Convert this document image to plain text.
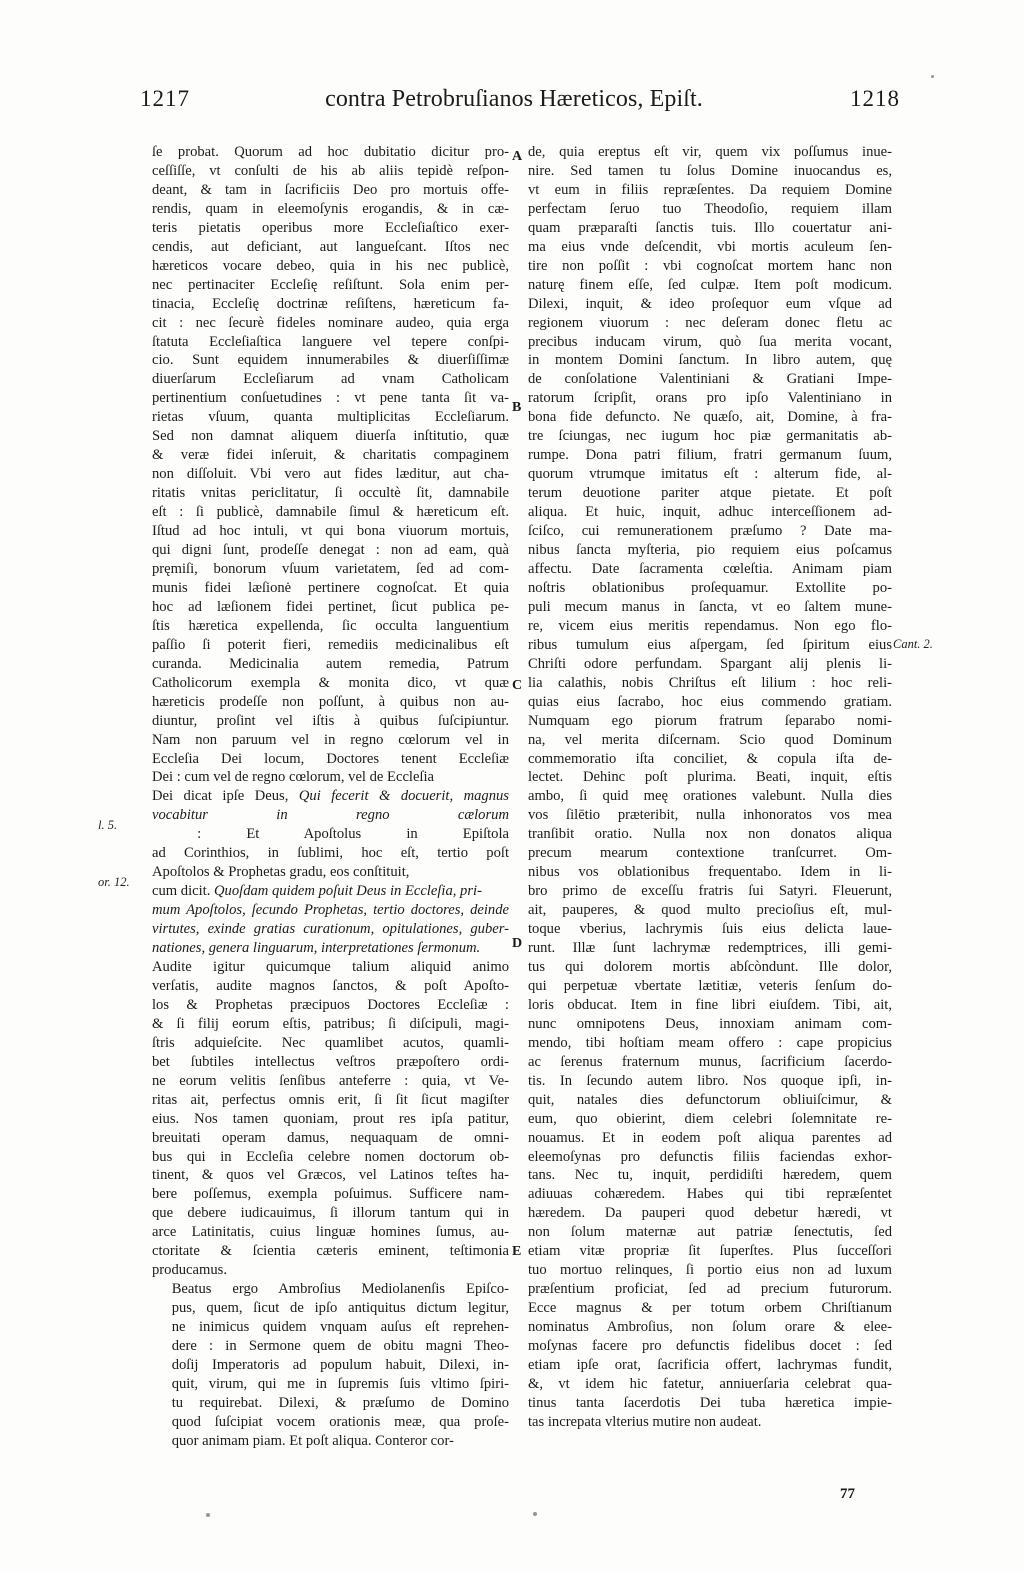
1217	contra Petrobruſianos Hæreticos, Epiſt.	1218
l. 5.
or. 12.
Cant. 2.
A
B
C
D
E

ſe probat. Quorum ad hoc dubitatio dicitur pro-
ceſſiſſe, vt conſulti de his ab aliis tepidè reſpon-
deant, & tam in ſacrificiis Deo pro mortuis offe-
rendis, quam in eleemoſynis erogandis, & in cæ-
teris pietatis operibus more Eccleſiaſtico exer-
cendis, aut deficiant, aut langueſcant. Iſtos nec
hæreticos vocare debeo, quia in his nec publicè,
nec pertinaciter Eccleſię reſiſtunt. Sola enim per-
tinacia, Eccleſię doctrinæ reſiſtens, hæreticum fa-
cit : nec ſecurè fideles nominare audeo, quia erga
ſtatuta Eccleſiaſtica languere vel tepere conſpi-
cio. Sunt equidem innumerabiles & diuerſiſſimæ
diuerſarum Eccleſiarum ad vnam Catholicam
pertinentium conſuetudines : vt pene tanta ſit va-
rietas vſuum, quanta multiplicitas Eccleſiarum.
Sed non damnat aliquem diuerſa inſtitutio, quæ
& veræ fidei inſeruit, & charitatis compaginem
non diſſoluit. Vbi vero aut fides læditur, aut cha-
ritatis vnitas periclitatur, ſi occultè ſit, damnabile
eſt : ſi publicè, damnabile ſimul & hæreticum eſt.
Iſtud ad hoc intuli, vt qui bona viuorum mortuis,
qui digni ſunt, prodeſſe denegat : non ad eam, quà
pręmiſi, bonorum vſuum varietatem, ſed ad com-
munis fidei læſionė pertinere cognoſcat. Et quia
hoc ad læſionem fidei pertinet, ſicut publica pe-
ſtis hæretica expellenda, ſic occulta languentium
paſſio ſi poterit fieri, remediis medicinalibus eſt
curanda. Medicinalia autem remedia, Patrum
Catholicorum exempla & monita dico, vt quæ
hæreticis prodeſſe non poſſunt, à quibus non au-
diuntur, proſint vel iſtis à quibus ſuſcipiuntur.
Nam non paruum vel in regno cœlorum vel in
Eccleſia Dei locum, Doctores tenent Eccleſiæ
Dei : cum vel de regno cœlorum, vel de Eccleſia
Dei dicat ipſe Deus, Qui fecerit & docuerit, magnus
vocabitur in regno cælorum
: Et Apoſtolus in Epiſtola
ad Corinthios, in ſublimi, hoc eſt, tertio poſt
Apoſtolos & Prophetas gradu, eos conſtituit,
cum dicit. Quoſdam quidem poſuit Deus in Eccleſia, pri-
mum Apoſtolos, ſecundo Prophetas, tertio doctores, deinde
virtutes, exinde gratias curationum, opitulationes, guber-
nationes, genera linguarum, interpretationes ſermonum.
Audite igitur quicumque talium aliquid animo
verſatis, audite magnos ſanctos, & poſt Apoſto-
los & Prophetas præcipuos Doctores Eccleſiæ :
& ſi filij eorum eſtis, patribus; ſi diſcipuli, magi-
ſtris adquieſcite. Nec quamlibet acutos, quamli-
bet ſubtiles intellectus veſtros præpoſtero ordi-
ne eorum velitis ſenſibus anteferre : quia, vt Ve-
ritas ait, perfectus omnis erit, ſi ſit ſicut magiſter
eius. Nos tamen quoniam, prout res ipſa patitur,
breuitati operam damus, nequaquam de omni-
bus qui in Eccleſia celebre nomen doctorum ob-
tinent, & quos vel Græcos, vel Latinos teſtes ha-
bere poſſemus, exempla poſuimus. Sufficere nam-
que debere iudicauimus, ſi illorum tantum qui in
arce Latinitatis, cuius linguæ homines ſumus, au-
ctoritate & ſcientia cæteris eminent, teſtimonia
producamus.

Beatus ergo Ambroſius Mediolanenſis Epiſco-
pus, quem, ſicut de ipſo antiquitus dictum legitur,
ne inimicus quidem vnquam auſus eſt reprehen-
dere : in Sermone quem de obitu magni Theo-
doſij Imperatoris ad populum habuit, Dilexi, in-
quit, virum, qui me in ſupremis ſuis vltimo ſpiri-
tu requirebat. Dilexi, & præſumo de Domino
quod ſuſcipiat vocem orationis meæ, qua proſe-
quor animam piam. Et poſt aliqua. Conteror cor-

de, quia ereptus eſt vir, quem vix poſſumus inue-
nire. Sed tamen tu ſolus Domine inuocandus es,
vt eum in filiis repræſentes. Da requiem Domine
perfectam ſeruo tuo Theodoſio, requiem illam
quam præparaſti ſanctis tuis. Illo couertatur ani-
ma eius vnde deſcendit, vbi mortis aculeum ſen-
tire non poſſit : vbi cognoſcat mortem hanc non
naturę finem eſſe, ſed culpæ. Item poſt modicum.
Dilexi, inquit, & ideo proſequor eum vſque ad
regionem viuorum : nec deſeram donec fletu ac
precibus inducam virum, quò ſua merita vocant,
in montem Domini ſanctum. In libro autem, quę
de conſolatione Valentiniani & Gratiani Impe-
ratorum ſcripſit, orans pro ipſo Valentiniano in
bona fide defuncto. Ne quæſo, ait, Domine, à fra-
tre ſciungas, nec iugum hoc piæ germanitatis ab-
rumpe. Dona patri filium, fratri germanum ſuum,
quorum vtrumque imitatus eſt : alterum fide, al-
terum deuotione pariter atque pietate. Et poſt
aliqua. Et huic, inquit, adhuc interceſſionem ad-
ſciſco, cui remunerationem præſumo ? Date ma-
nibus ſancta myſteria, pio requiem eius poſcamus
affectu. Date ſacramenta cœleſtia. Animam piam
noſtris oblationibus proſequamur. Extollite po-
puli mecum manus in ſancta, vt eo ſaltem mune-
re, vicem eius meritis rependamus. Non ego flo-
ribus tumulum eius aſpergam, ſed ſpiritum eius
Chriſti odore perfundam. Spargant alij plenis li-
lia calathis, nobis Chriſtus eſt lilium : hoc reli-
quias eius ſacrabo, hoc eius commendo gratiam.
Numquam ego piorum fratrum ſeparabo nomi-
na, vel merita diſcernam. Scio quod Dominum
commemoratio iſta conciliet, & copula iſta de-
lectet. Dehinc poſt plurima. Beati, inquit, eſtis
ambo, ſi quid meę orationes valebunt. Nulla dies
vos ſilētio præteribit, nulla inhonoratos vos mea
tranſibit oratio. Nulla nox non donatos aliqua
precum mearum contextione tranſcurret. Om-
nibus vos oblationibus frequentabo. Idem in li-
bro primo de exceſſu fratris ſui Satyri. Fleuerunt,
ait, pauperes, & quod multo precioſius eſt, mul-
toque vberius, lachrymis ſuis eius delicta laue-
runt. Illæ ſunt lachrymæ redemptrices, illi gemi-
tus qui dolorem mortis abſcòndunt. Ille dolor,
qui perpetuæ vbertate lætitiæ, veteris ſenſum do-
loris obducat. Item in fine libri eiuſdem. Tibi, ait,
nunc omnipotens Deus, innoxiam animam com-
mendo, tibi hoſtiam meam offero : cape propicius
ac ſerenus fraternum munus, ſacrificium ſacerdo-
tis. In ſecundo autem libro. Nos quoque ipſi, in-
quit, natales dies defunctorum obliuiſcimur, &
eum, quo obierint, diem celebri ſolemnitate re-
nouamus. Et in eodem poſt aliqua parentes ad
eleemoſynas pro defunctis filiis faciendas exhor-
tans. Nec tu, inquit, perdidiſti hæredem, quem
adiuuas cohæredem. Habes qui tibi repræſentet
hæredem. Da pauperi quod debetur hæredi, vt
non ſolum maternæ aut patriæ ſenectutis, ſed
etiam vitæ propriæ ſit ſuperſtes. Plus ſucceſſori
tuo mortuo relinques, ſi portio eius non ad luxum
præſentium proficiat, ſed ad precium futurorum.
Ecce magnus & per totum orbem Chriſtianum
nominatus Ambroſius, non ſolum orare & elee-
moſynas facere pro defunctis fidelibus docet : ſed
etiam ipſe orat, ſacrificia offert, lachrymas fundit,
&, vt idem hic fatetur, anniuerſaria celebrat qua-
tinus tanta ſacerdotis Dei tuba hæretica impie-
tas increpata vlterius mutire non audeat.

77
